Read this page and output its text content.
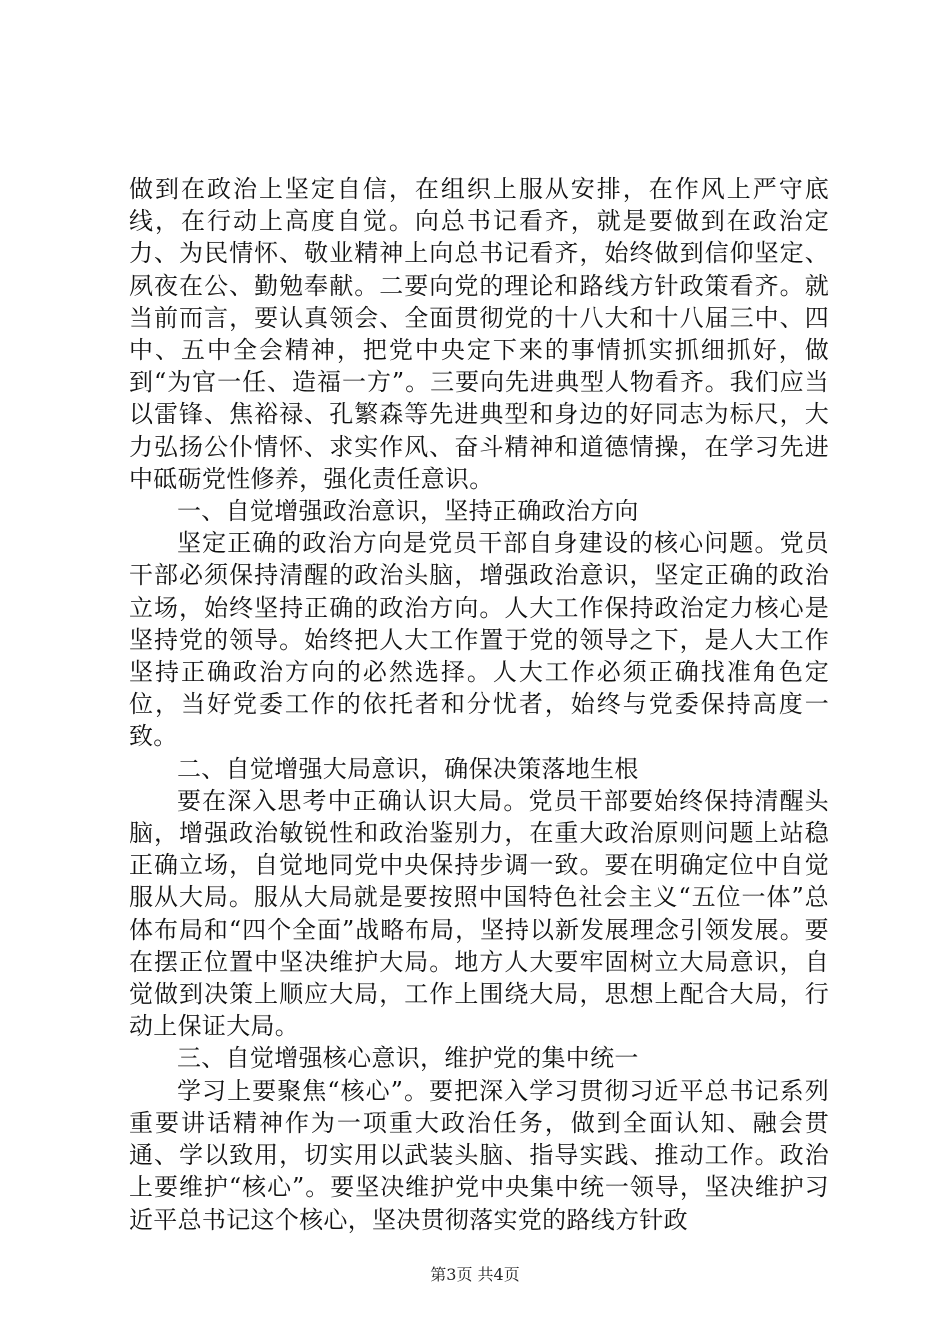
做到在政治上坚定自信，在组织上服从安排，在作风上严守底线，在行动上高度自觉。向总书记看齐，就是要做到在政治定力、为民情怀、敬业精神上向总书记看齐，始终做到信仰坚定、夙夜在公、勤勉奉献。二要向党的理论和路线方针政策看齐。就当前而言，要认真领会、全面贯彻党的十八大和十八届三中、四中、五中全会精神，把党中央定下来的事情抓实抓细抓好，做到“为官一任、造福一方”。三要向先进典型人物看齐。我们应当以雷锋、焦裕禄、孔繁森等先进典型和身边的好同志为标尺，大力弘扬公仆情怀、求实作风、奋斗精神和道德情操，在学习先进中砥砺党性修养，强化责任意识。

一、自觉增强政治意识，坚持正确政治方向

坚定正确的政治方向是党员干部自身建设的核心问题。党员干部必须保持清醒的政治头脑，增强政治意识，坚定正确的政治立场，始终坚持正确的政治方向。人大工作保持政治定力核心是坚持党的领导。始终把人大工作置于党的领导之下，是人大工作坚持正确政治方向的必然选择。人大工作必须正确找准角色定位，当好党委工作的依托者和分忧者，始终与党委保持高度一致。

二、自觉增强大局意识，确保决策落地生根

要在深入思考中正确认识大局。党员干部要始终保持清醒头脑，增强政治敏锐性和政治鉴别力，在重大政治原则问题上站稳正确立场，自觉地同党中央保持步调一致。要在明确定位中自觉服从大局。服从大局就是要按照中国特色社会主义“五位一体”总体布局和“四个全面”战略布局，坚持以新发展理念引领发展。要在摆正位置中坚决维护大局。地方人大要牢固树立大局意识，自觉做到决策上顺应大局，工作上围绕大局，思想上配合大局，行动上保证大局。

三、自觉增强核心意识，维护党的集中统一

学习上要聚焦“核心”。要把深入学习贯彻习近平总书记系列重要讲话精神作为一项重大政治任务，做到全面认知、融会贯通、学以致用，切实用以武装头脑、指导实践、推动工作。政治上要维护“核心”。要坚决维护党中央集中统一领导，坚决维护习近平总书记这个核心，坚决贯彻落实党的路线方针政

第3页 共4页
